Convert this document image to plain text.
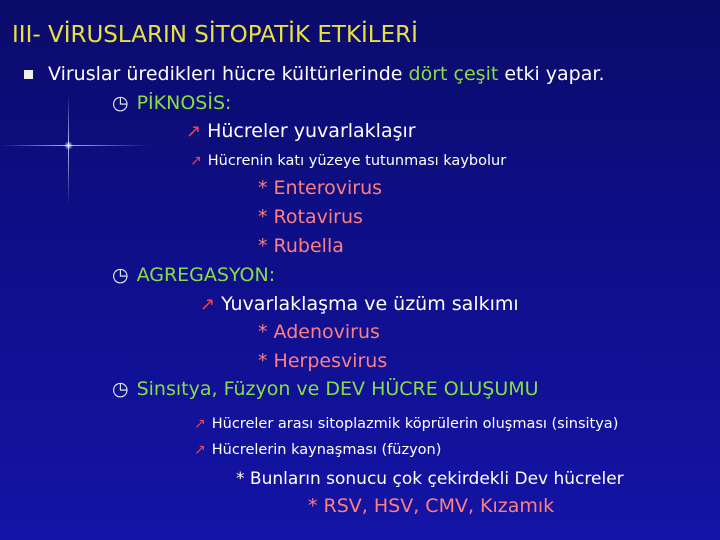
III- VİRUSLARIN SİTOPATİK ETKİLERİ
Viruslar ürediklerı hücre kültürlerinde dört çeşit etki yapar.
◷ PİKNOSİS:
↗ Hücreler yuvarlaklaşır
↗ Hücrenin katı yüzeye tutunması kaybolur
* Enterovirus
* Rotavirus
* Rubella
◷ AGREGASYON:
↗ Yuvarlaklaşma ve üzüm salkımı
* Adenovirus
* Herpesvirus
◷ Sinsıtya, Füzyon ve DEV HÜCRE OLUŞUMU
↗ Hücreler arası sitoplazmik köprülerin oluşması (sinsitya)
↗ Hücrelerin kaynaşması (füzyon)
* Bunların sonucu çok çekirdekli Dev hücreler
* RSV, HSV, CMV, Kızamık
